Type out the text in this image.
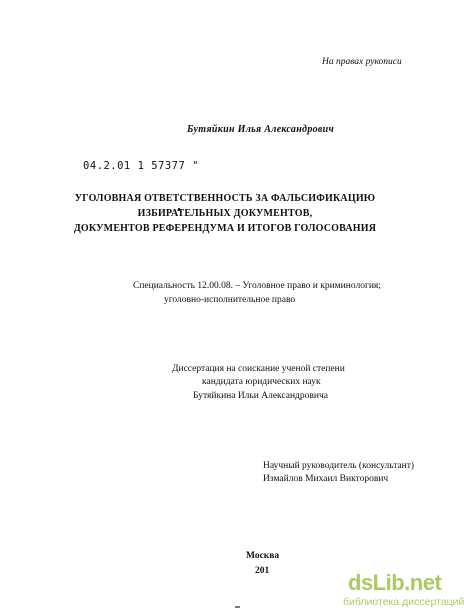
На правах рукописи
Бутяйкин Илья Александрович
04.2.01 1 57377 "
УГОЛОВНАЯ ОТВЕТСТВЕННОСТЬ ЗА ФАЛЬСИФИКАЦИЮ
ИЗБИРАТЕЛЬНЫХ ДОКУМЕНТОВ,
ДОКУМЕНТОВ РЕФЕРЕНДУМА И ИТОГОВ ГОЛОСОВАНИЯ
Специальность 12.00.08. – Уголовное право и криминология;
уголовно-исполнительное право
Диссертация на соискание ученой степени
кандидата юридических наук
Бутяйкина Ильи Александровича
Научный руководитель (консультант)
Измайлов Михаил Викторович
Москва
201	dsLib.net
библиотека диссертаций
